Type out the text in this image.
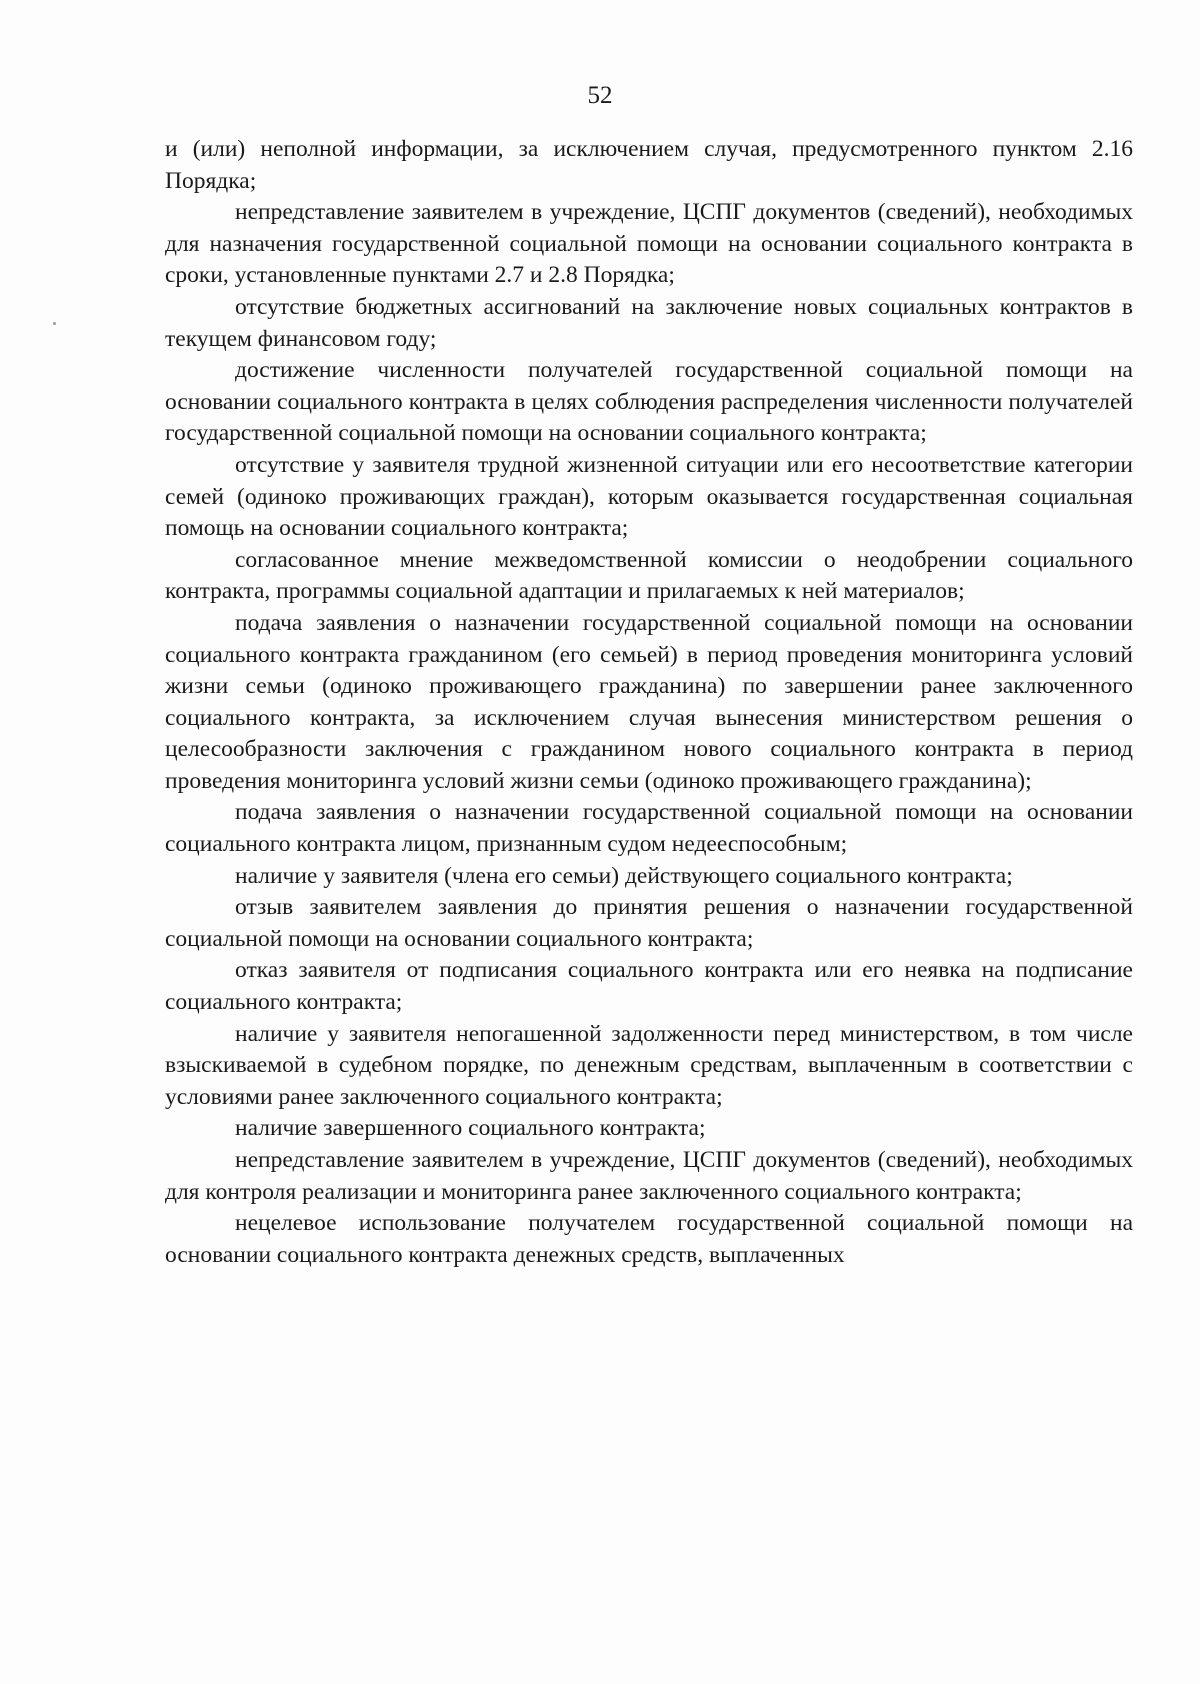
52

и (или) неполной информации, за исключением случая, предусмотренного пунктом 2.16 Порядка;

непредставление заявителем в учреждение, ЦСПГ документов (сведений), необходимых для назначения государственной социальной помощи на основании социального контракта в сроки, установленные пунктами 2.7 и 2.8 Порядка;

отсутствие бюджетных ассигнований на заключение новых социальных контрактов в текущем финансовом году;

достижение численности получателей государственной социальной помощи на основании социального контракта в целях соблюдения распределения численности получателей государственной социальной помощи на основании социального контракта;

отсутствие у заявителя трудной жизненной ситуации или его несоответствие категории семей (одиноко проживающих граждан), которым оказывается государственная социальная помощь на основании социального контракта;

согласованное мнение межведомственной комиссии о неодобрении социального контракта, программы социальной адаптации и прилагаемых к ней материалов;

подача заявления о назначении государственной социальной помощи на основании социального контракта гражданином (его семьей) в период проведения мониторинга условий жизни семьи (одиноко проживающего гражданина) по завершении ранее заключенного социального контракта, за исключением случая вынесения министерством решения о целесообразности заключения с гражданином нового социального контракта в период проведения мониторинга условий жизни семьи (одиноко проживающего гражданина);

подача заявления о назначении государственной социальной помощи на основании социального контракта лицом, признанным судом недееспособным;

наличие у заявителя (члена его семьи) действующего социального контракта;

отзыв заявителем заявления до принятия решения о назначении государственной социальной помощи на основании социального контракта;

отказ заявителя от подписания социального контракта или его неявка на подписание социального контракта;

наличие у заявителя непогашенной задолженности перед министерством, в том числе взыскиваемой в судебном порядке, по денежным средствам, выплаченным в соответствии с условиями ранее заключенного социального контракта;

наличие завершенного социального контракта;

непредставление заявителем в учреждение, ЦСПГ документов (сведений), необходимых для контроля реализации и мониторинга ранее заключенного социального контракта;

нецелевое использование получателем государственной социальной помощи на основании социального контракта денежных средств, выплаченных
